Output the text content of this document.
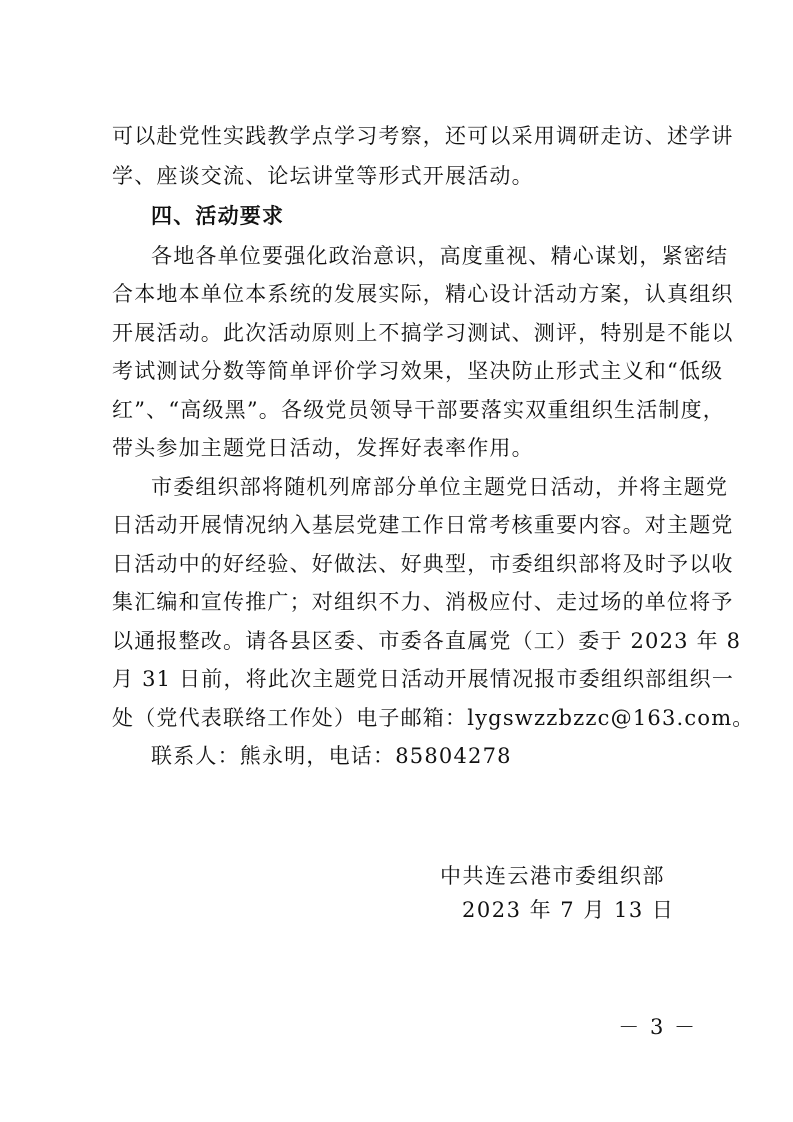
可以赴党性实践教学点学习考察，还可以采用调研走访、述学讲
学、座谈交流、论坛讲堂等形式开展活动。
四、活动要求
各地各单位要强化政治意识，高度重视、精心谋划，紧密结
合本地本单位本系统的发展实际，精心设计活动方案，认真组织
开展活动。此次活动原则上不搞学习测试、测评，特别是不能以
考试测试分数等简单评价学习效果，坚决防止形式主义和“低级
红”、“高级黑”。各级党员领导干部要落实双重组织生活制度，
带头参加主题党日活动，发挥好表率作用。
市委组织部将随机列席部分单位主题党日活动，并将主题党
日活动开展情况纳入基层党建工作日常考核重要内容。对主题党
日活动中的好经验、好做法、好典型，市委组织部将及时予以收
集汇编和宣传推广；对组织不力、消极应付、走过场的单位将予
以通报整改。请各县区委、市委各直属党（工）委于 2023 年 8
月 31 日前，将此次主题党日活动开展情况报市委组织部组织一
处（党代表联络工作处）电子邮箱：lygswzzbzzc@163.com。
联系人：熊永明，电话：85804278
中共连云港市委组织部
2023 年 7 月 13 日
－ 3 －
